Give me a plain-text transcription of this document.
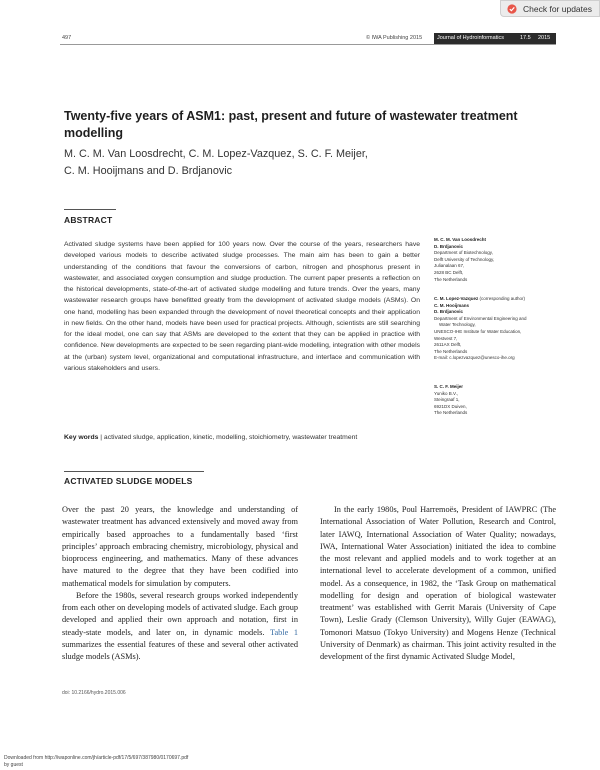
Check for updates
497	© IWA Publishing 2015	Journal of Hydroinformatics	17.5 2015
Twenty-five years of ASM1: past, present and future of wastewater treatment modelling
M. C. M. Van Loosdrecht, C. M. Lopez-Vazquez, S. C. F. Meijer,
C. M. Hooijmans and D. Brdjanovic
ABSTRACT
Activated sludge systems have been applied for 100 years now. Over the course of the years, researchers have developed various models to describe activated sludge processes. The main aim has been to gain a better understanding of the conditions that favour the conversions of carbon, nitrogen and phosphorus present in wastewater, and associated oxygen consumption and sludge production. The current paper presents a reflection on the historical developments, state-of-the-art of activated sludge modelling and future trends. Over the years, many wastewater research groups have benefitted greatly from the development of activated sludge models (ASMs). On one hand, modelling has been expanded through the development of novel theoretical concepts and their application in new fields. On the other hand, models have been used for practical projects. Although, scientists are still searching for the ideal model, one can say that ASMs are developed to the extent that they can be applied in practice with confidence. New developments are expected to be seen regarding plant-wide modelling, integration with other models at the (urban) system level, organizational and computational infrastructure, and interface and communication with various stakeholders and users.
Key words | activated sludge, application, kinetic, modelling, stoichiometry, wastewater treatment
M. C. M. Van Loosdrecht
D. Brdjanovic
Department of Biotechnology,
Delft University of Technology,
Julianalaan 67,
2628 BC Delft,
The Netherlands
C. M. Lopez-Vazquez (corresponding author)
C. M. Hooijmans
D. Brdjanovic
Department of Environmental Engineering and
Water Technology,
UNESCO-IHE Institute for Water Education,
Westvest 7,
2611AX Delft,
The Netherlands
E-mail: c.lopezvazquez@unesco-ihe.org
S. C. F. Meijer
Yuniko B.V.,
Steingraaf 1,
6921DX Duiven,
The Netherlands
ACTIVATED SLUDGE MODELS

Over the past 20 years, the knowledge and understanding of wastewater treatment has advanced extensively and moved away from empirically based approaches to a fundamentally based ‘first principles’ approach embracing chemistry, microbiology, physical and bioprocess engineering, and mathematics. Many of these advances have matured to the degree that they have been codified into mathematical models for simulation by computers.

Before the 1980s, several research groups worked independently from each other on developing models of activated sludge. Each group developed and applied their own approach and notation, first in steady-state models, and later on, in dynamic models. Table 1 summarizes the essential features of these and several other activated sludge models (ASMs).

In the early 1980s, Poul Harremoës, President of IAWPRC (The International Association of Water Pollution, Research and Control, later IAWQ, International Association of Water Quality; nowadays, IWA, International Water Association) initiated the idea to combine the most relevant and applied models and to work together at an international level to accelerate development of a common, unified model. As a consequence, in 1982, the ‘Task Group on mathematical modelling for design and operation of biological wastewater treatment’ was established with Gerrit Marais (University of Cape Town), Leslie Grady (Clemson University), Willy Gujer (EAWAG), Tomonori Matsuo (Tokyo University) and Mogens Henze (Technical University of Denmark) as chairman. This joint activity resulted in the development of the first dynamic Activated Sludge Model,

doi: 10.2166/hydro.2015.006
Downloaded from http://iwaponline.com/jh/article-pdf/17/5/697/387980/0170697.pdf
by guest
